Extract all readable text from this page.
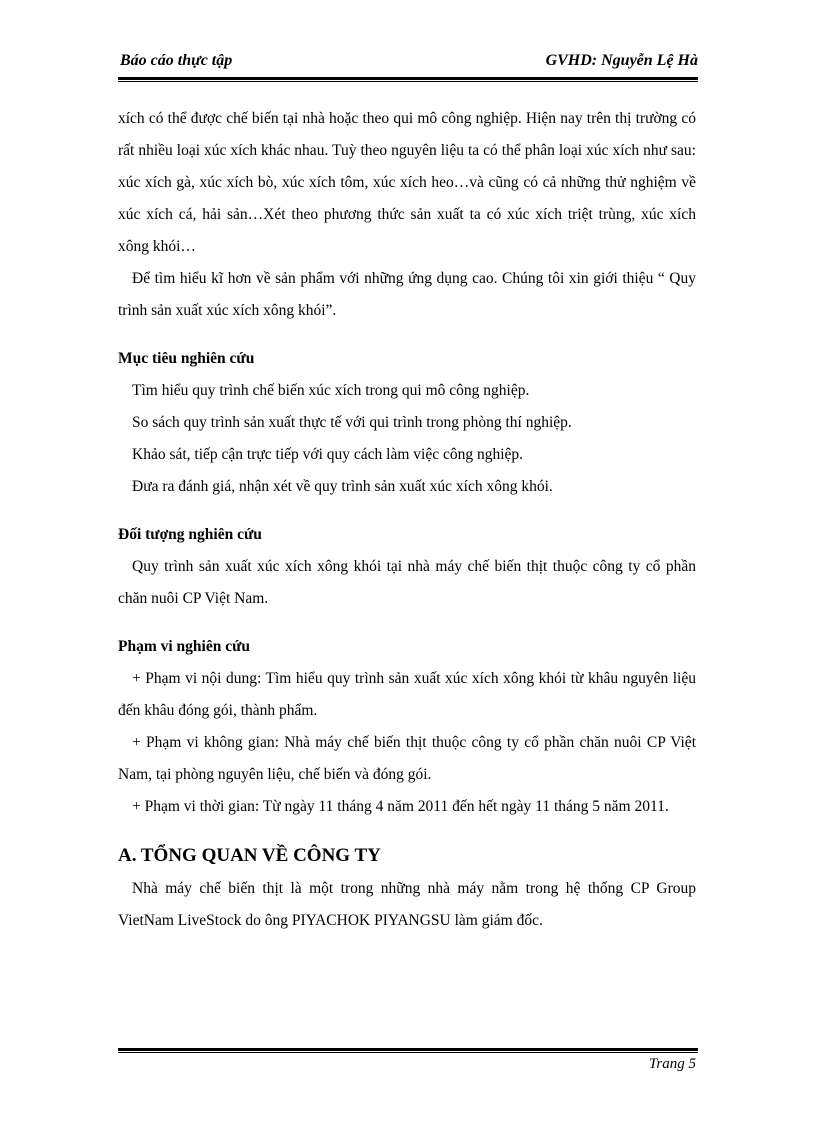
Báo cáo thực tập	GVHD: Nguyễn Lệ Hà

xích có thể được chế biến tại nhà hoặc theo qui mô công nghiệp. Hiện nay trên thị trường có rất nhiều loại xúc xích khác nhau. Tuỳ theo nguyên liệu ta có thể phân loại xúc xích như sau: xúc xích gà, xúc xích bò, xúc xích tôm, xúc xích heo…và cũng có cả những thử nghiệm về xúc xích cá, hải sản…Xét theo phương thức sản xuất ta có xúc xích triệt trùng, xúc xích xông khói…

Để tìm hiểu kĩ hơn về sản phẩm với những ứng dụng cao. Chúng tôi xin giới thiệu “ Quy trình sản xuất xúc xích xông khói”.

Mục tiêu nghiên cứu

Tìm hiểu quy trình chế biến xúc xích trong qui mô công nghiệp.

So sách quy trình sản xuất thực tế với qui trình trong phòng thí nghiệp.

Khảo sát, tiếp cận trực tiếp với quy cách làm việc công nghiệp.

Đưa ra đánh giá, nhận xét về quy trình sản xuất xúc xích xông khói.

Đối tượng nghiên cứu

Quy trình sản xuất xúc xích xông khói tại nhà máy chế biến thịt thuộc công ty cổ phần chăn nuôi CP Việt Nam.

Phạm vi nghiên cứu

+ Phạm vi nội dung: Tìm hiểu quy trình sản xuất xúc xích xông khói từ khâu nguyên liệu đến khâu đóng gói, thành phẩm.

+ Phạm vi không gian: Nhà máy chế biến thịt thuộc công ty cổ phần chăn nuôi CP Việt Nam, tại phòng nguyên liệu, chế biến và đóng gói.

+ Phạm vi thời gian: Từ ngày 11 tháng 4 năm 2011 đến hết ngày 11 tháng 5 năm 2011.

A. TỔNG QUAN VỀ CÔNG TY

Nhà máy chế biến thịt là một trong những nhà máy nằm trong hệ thống CP Group VietNam LiveStock do ông PIYACHOK PIYANGSU làm giám đốc.

Trang 5
